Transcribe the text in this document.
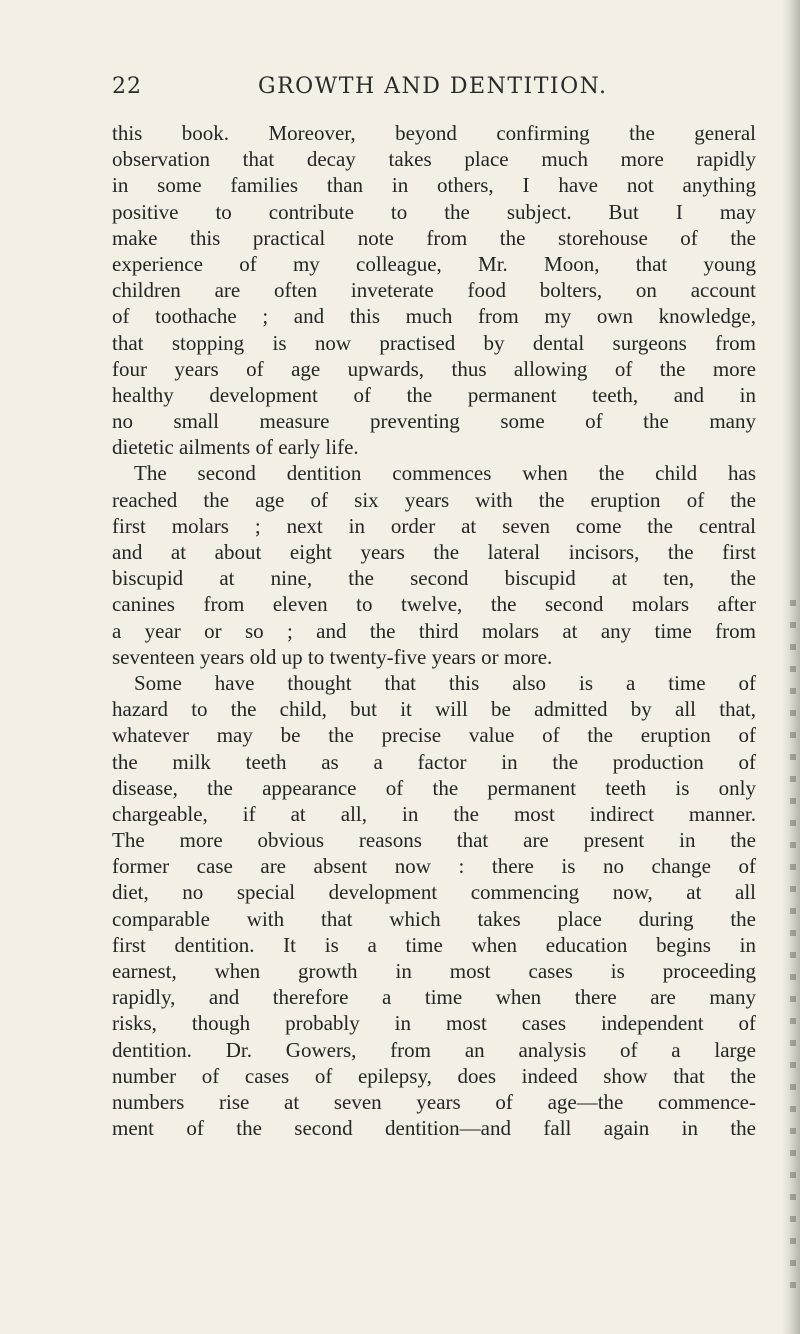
22	GROWTH AND DENTITION.
this book. Moreover, beyond confirming the general
observation that decay takes place much more rapidly
in some families than in others, I have not anything
positive to contribute to the subject. But I may
make this practical note from the storehouse of the
experience of my colleague, Mr. Moon, that young
children are often inveterate food bolters, on account
of toothache ; and this much from my own knowledge,
that stopping is now practised by dental surgeons from
four years of age upwards, thus allowing of the more
healthy development of the permanent teeth, and in
no small measure preventing some of the many
dietetic ailments of early life.
The second dentition commences when the child has
reached the age of six years with the eruption of the
first molars ; next in order at seven come the central
and at about eight years the lateral incisors, the first
biscupid at nine, the second biscupid at ten, the
canines from eleven to twelve, the second molars after
a year or so ; and the third molars at any time from
seventeen years old up to twenty-five years or more.
Some have thought that this also is a time of
hazard to the child, but it will be admitted by all that,
whatever may be the precise value of the eruption of
the milk teeth as a factor in the production of
disease, the appearance of the permanent teeth is only
chargeable, if at all, in the most indirect manner.
The more obvious reasons that are present in the
former case are absent now : there is no change of
diet, no special development commencing now, at all
comparable with that which takes place during the
first dentition. It is a time when education begins in
earnest, when growth in most cases is proceeding
rapidly, and therefore a time when there are many
risks, though probably in most cases independent of
dentition. Dr. Gowers, from an analysis of a large
number of cases of epilepsy, does indeed show that the
numbers rise at seven years of age—the commence-
ment of the second dentition—and fall again in the
